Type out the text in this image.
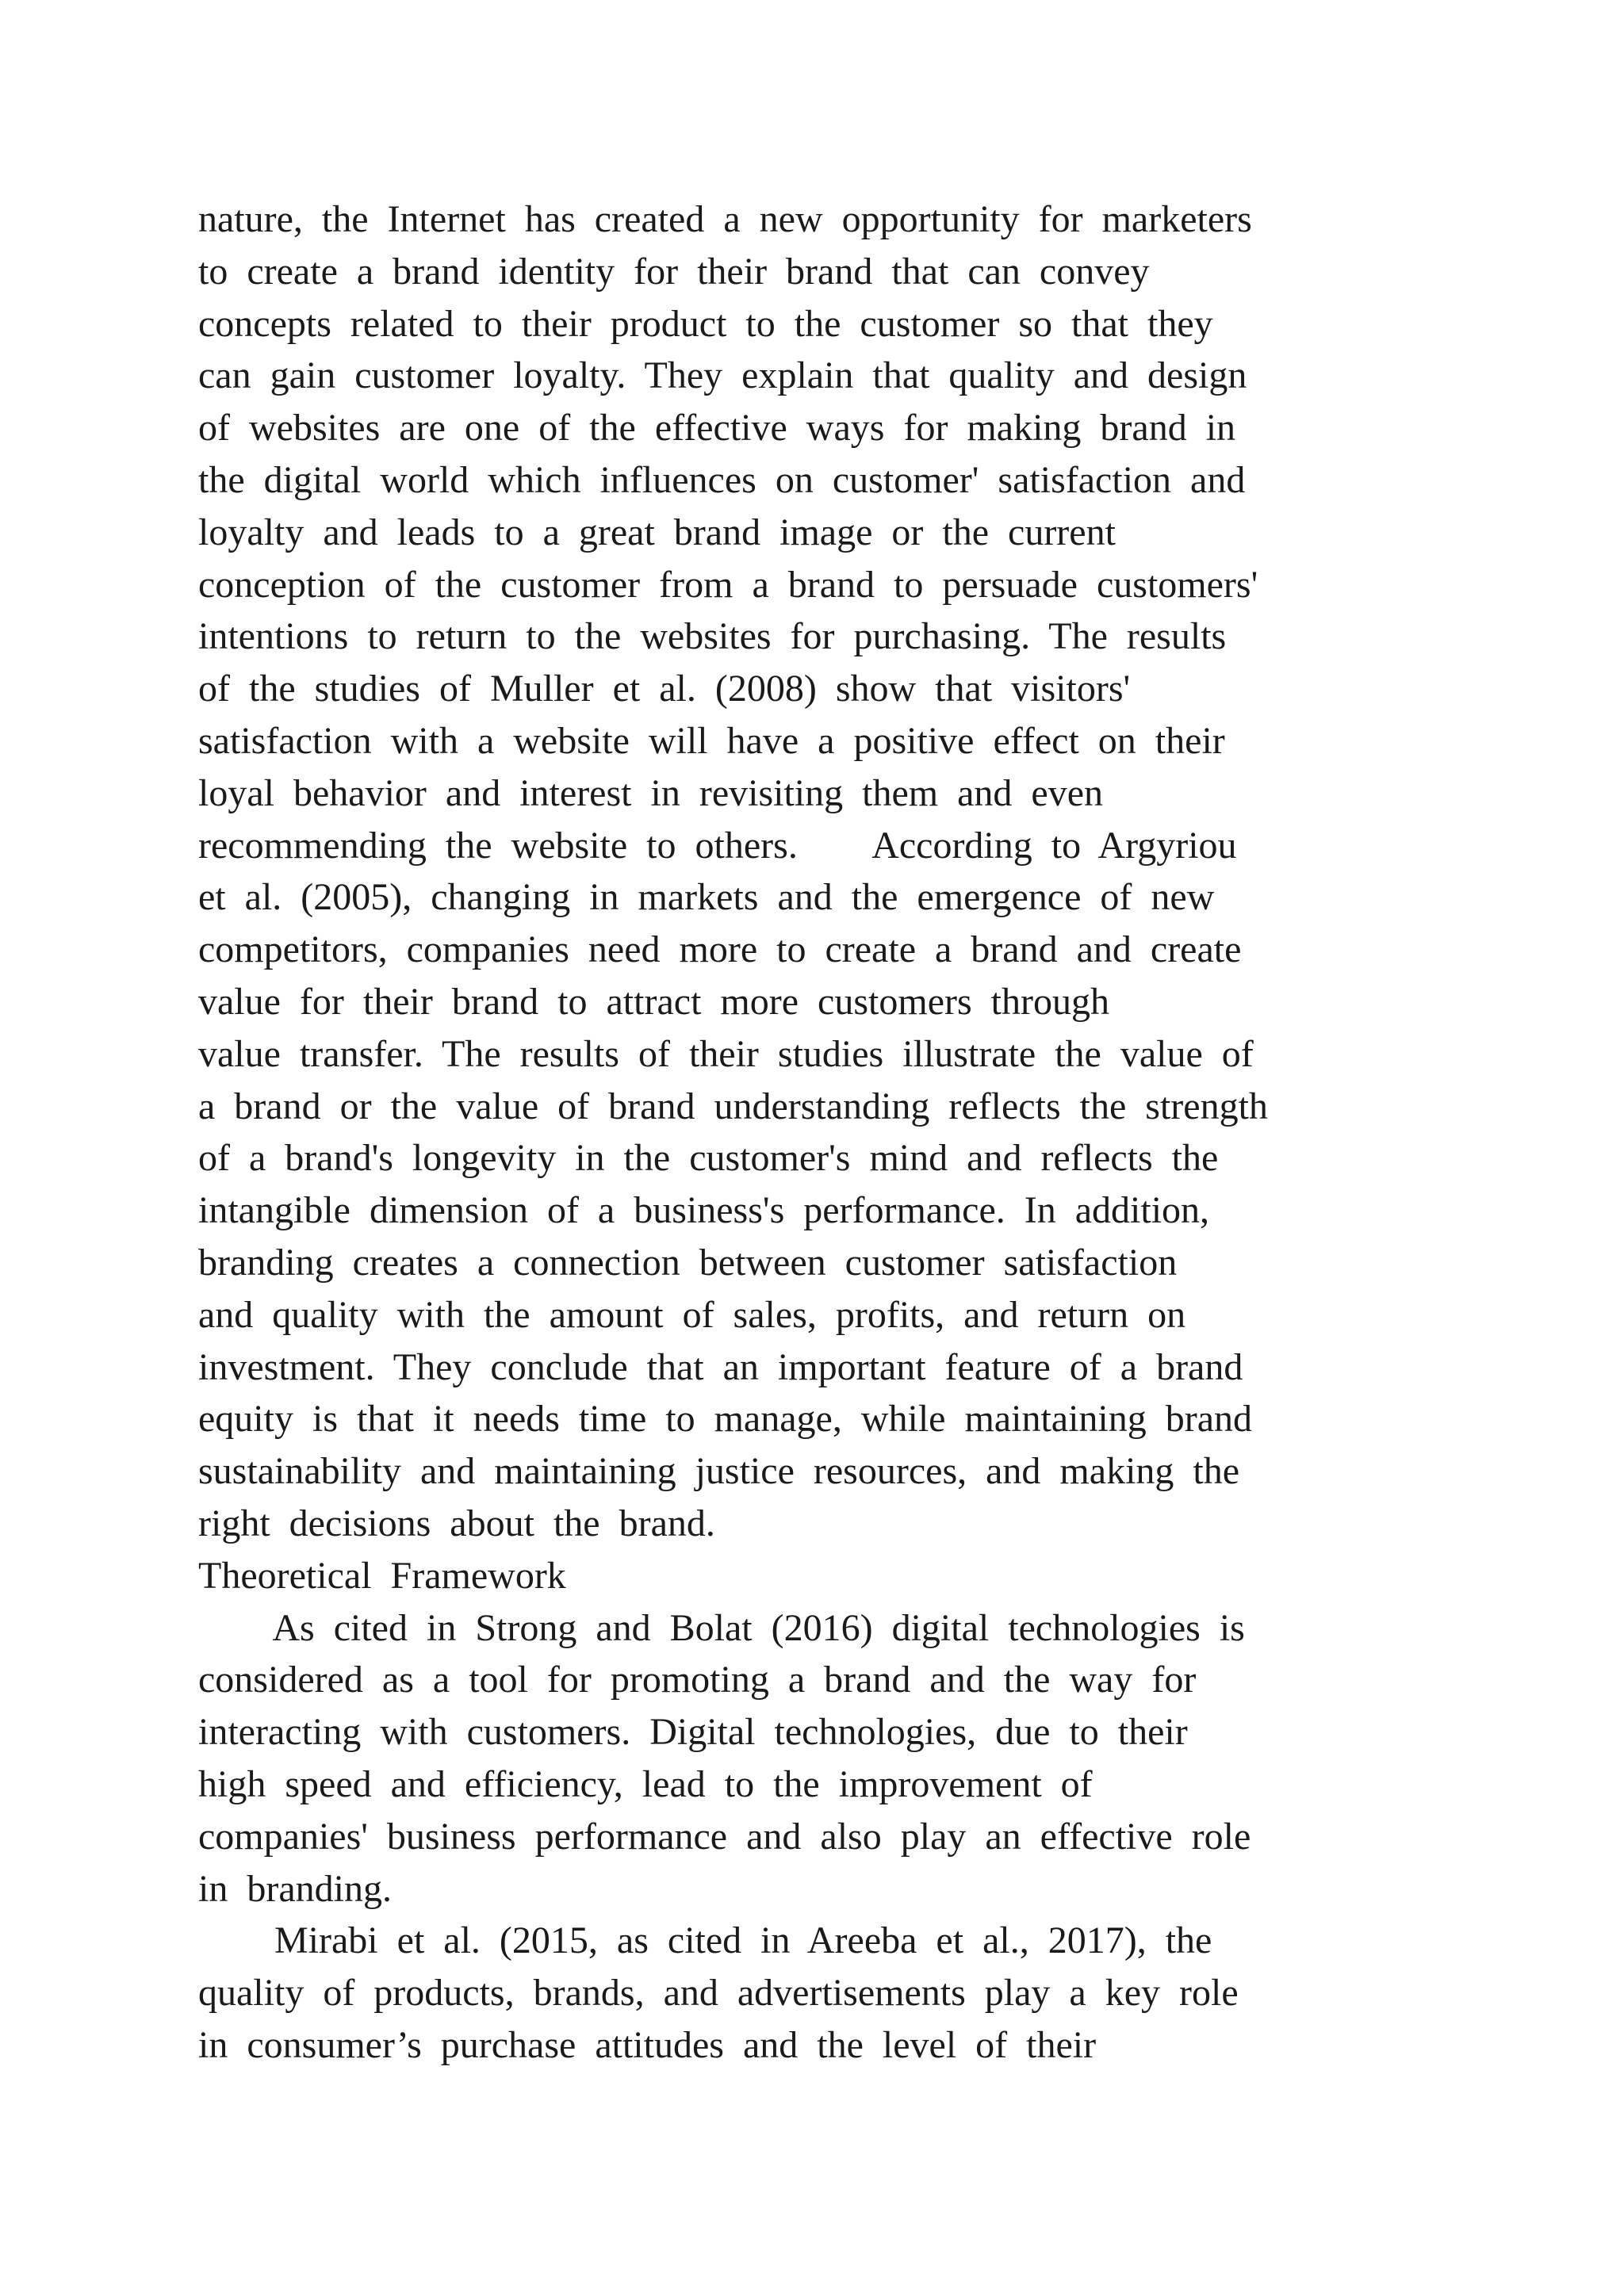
nature,  the  Internet  has  created  a  new  opportunity  for  marketers
to  create  a  brand  identity  for  their  brand  that  can  convey
concepts  related  to  their  product  to  the  customer  so  that  they
can  gain  customer  loyalty.  They  explain  that  quality  and  design
of  websites  are  one  of  the  effective  ways  for  making  brand  in
the  digital  world  which  influences  on  customer'  satisfaction  and
loyalty  and  leads  to  a  great  brand  image  or  the  current
conception  of  the  customer  from  a  brand  to  persuade  customers'
intentions  to  return  to  the  websites  for  purchasing.  The  results
of  the  studies  of  Muller  et  al.  (2008)  show  that  visitors'
satisfaction  with  a  website  will  have  a  positive  effect  on  their
loyal  behavior  and  interest  in  revisiting  them  and  even
recommending  the  website  to  others.        According  to  Argyriou
et  al.  (2005),  changing  in  markets  and  the  emergence  of  new
competitors,  companies  need  more  to  create  a  brand  and  create
value  for  their  brand  to  attract  more  customers  through
value  transfer.  The  results  of  their  studies  illustrate  the  value  of
a  brand  or  the  value  of  brand  understanding  reflects  the  strength
of  a  brand's  longevity  in  the  customer's  mind  and  reflects  the
intangible  dimension  of  a  business's  performance.  In  addition,
branding  creates  a  connection  between  customer  satisfaction
and  quality  with  the  amount  of  sales,  profits,  and  return  on
investment.  They  conclude  that  an  important  feature  of  a  brand
equity  is  that  it  needs  time  to  manage,  while  maintaining  brand
sustainability  and  maintaining  justice  resources,  and  making  the
right  decisions  about  the  brand.
Theoretical  Framework
As  cited  in  Strong  and  Bolat  (2016)  digital  technologies  is
considered  as  a  tool  for  promoting  a  brand  and  the  way  for
interacting  with  customers.  Digital  technologies,  due  to  their
high  speed  and  efficiency,  lead  to  the  improvement  of
companies'  business  performance  and  also  play  an  effective  role
in  branding.
Mirabi  et  al.  (2015,  as  cited  in  Areeba  et  al.,  2017),  the
quality  of  products,  brands,  and  advertisements  play  a  key  role
in  consumer’s  purchase  attitudes  and  the  level  of  their
